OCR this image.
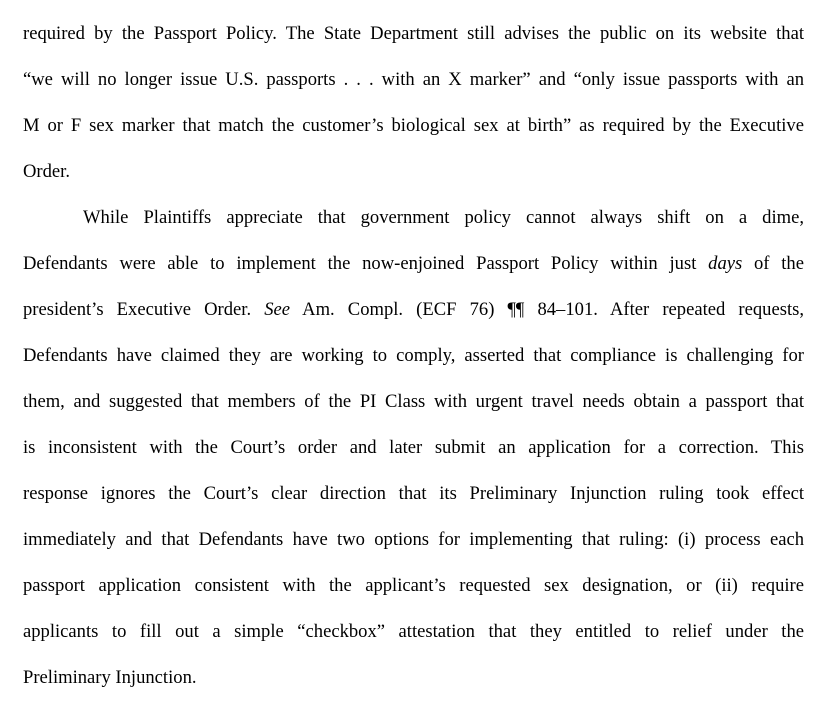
required by the Passport Policy. The State Department still advises the public on its website that
“we will no longer issue U.S. passports . . . with an X marker” and “only issue passports with an
M or F sex marker that match the customer’s biological sex at birth” as required by the Executive
Order.
While Plaintiffs appreciate that government policy cannot always shift on a dime,
Defendants were able to implement the now-enjoined Passport Policy within just days of the
president’s Executive Order. See Am. Compl. (ECF 76) ¶¶ 84–101. After repeated requests,
Defendants have claimed they are working to comply, asserted that compliance is challenging for
them, and suggested that members of the PI Class with urgent travel needs obtain a passport that
is inconsistent with the Court’s order and later submit an application for a correction. This
response ignores the Court’s clear direction that its Preliminary Injunction ruling took effect
immediately and that Defendants have two options for implementing that ruling: (i) process each
passport application consistent with the applicant’s requested sex designation, or (ii) require
applicants to fill out a simple “checkbox” attestation that they entitled to relief under the
Preliminary Injunction.
